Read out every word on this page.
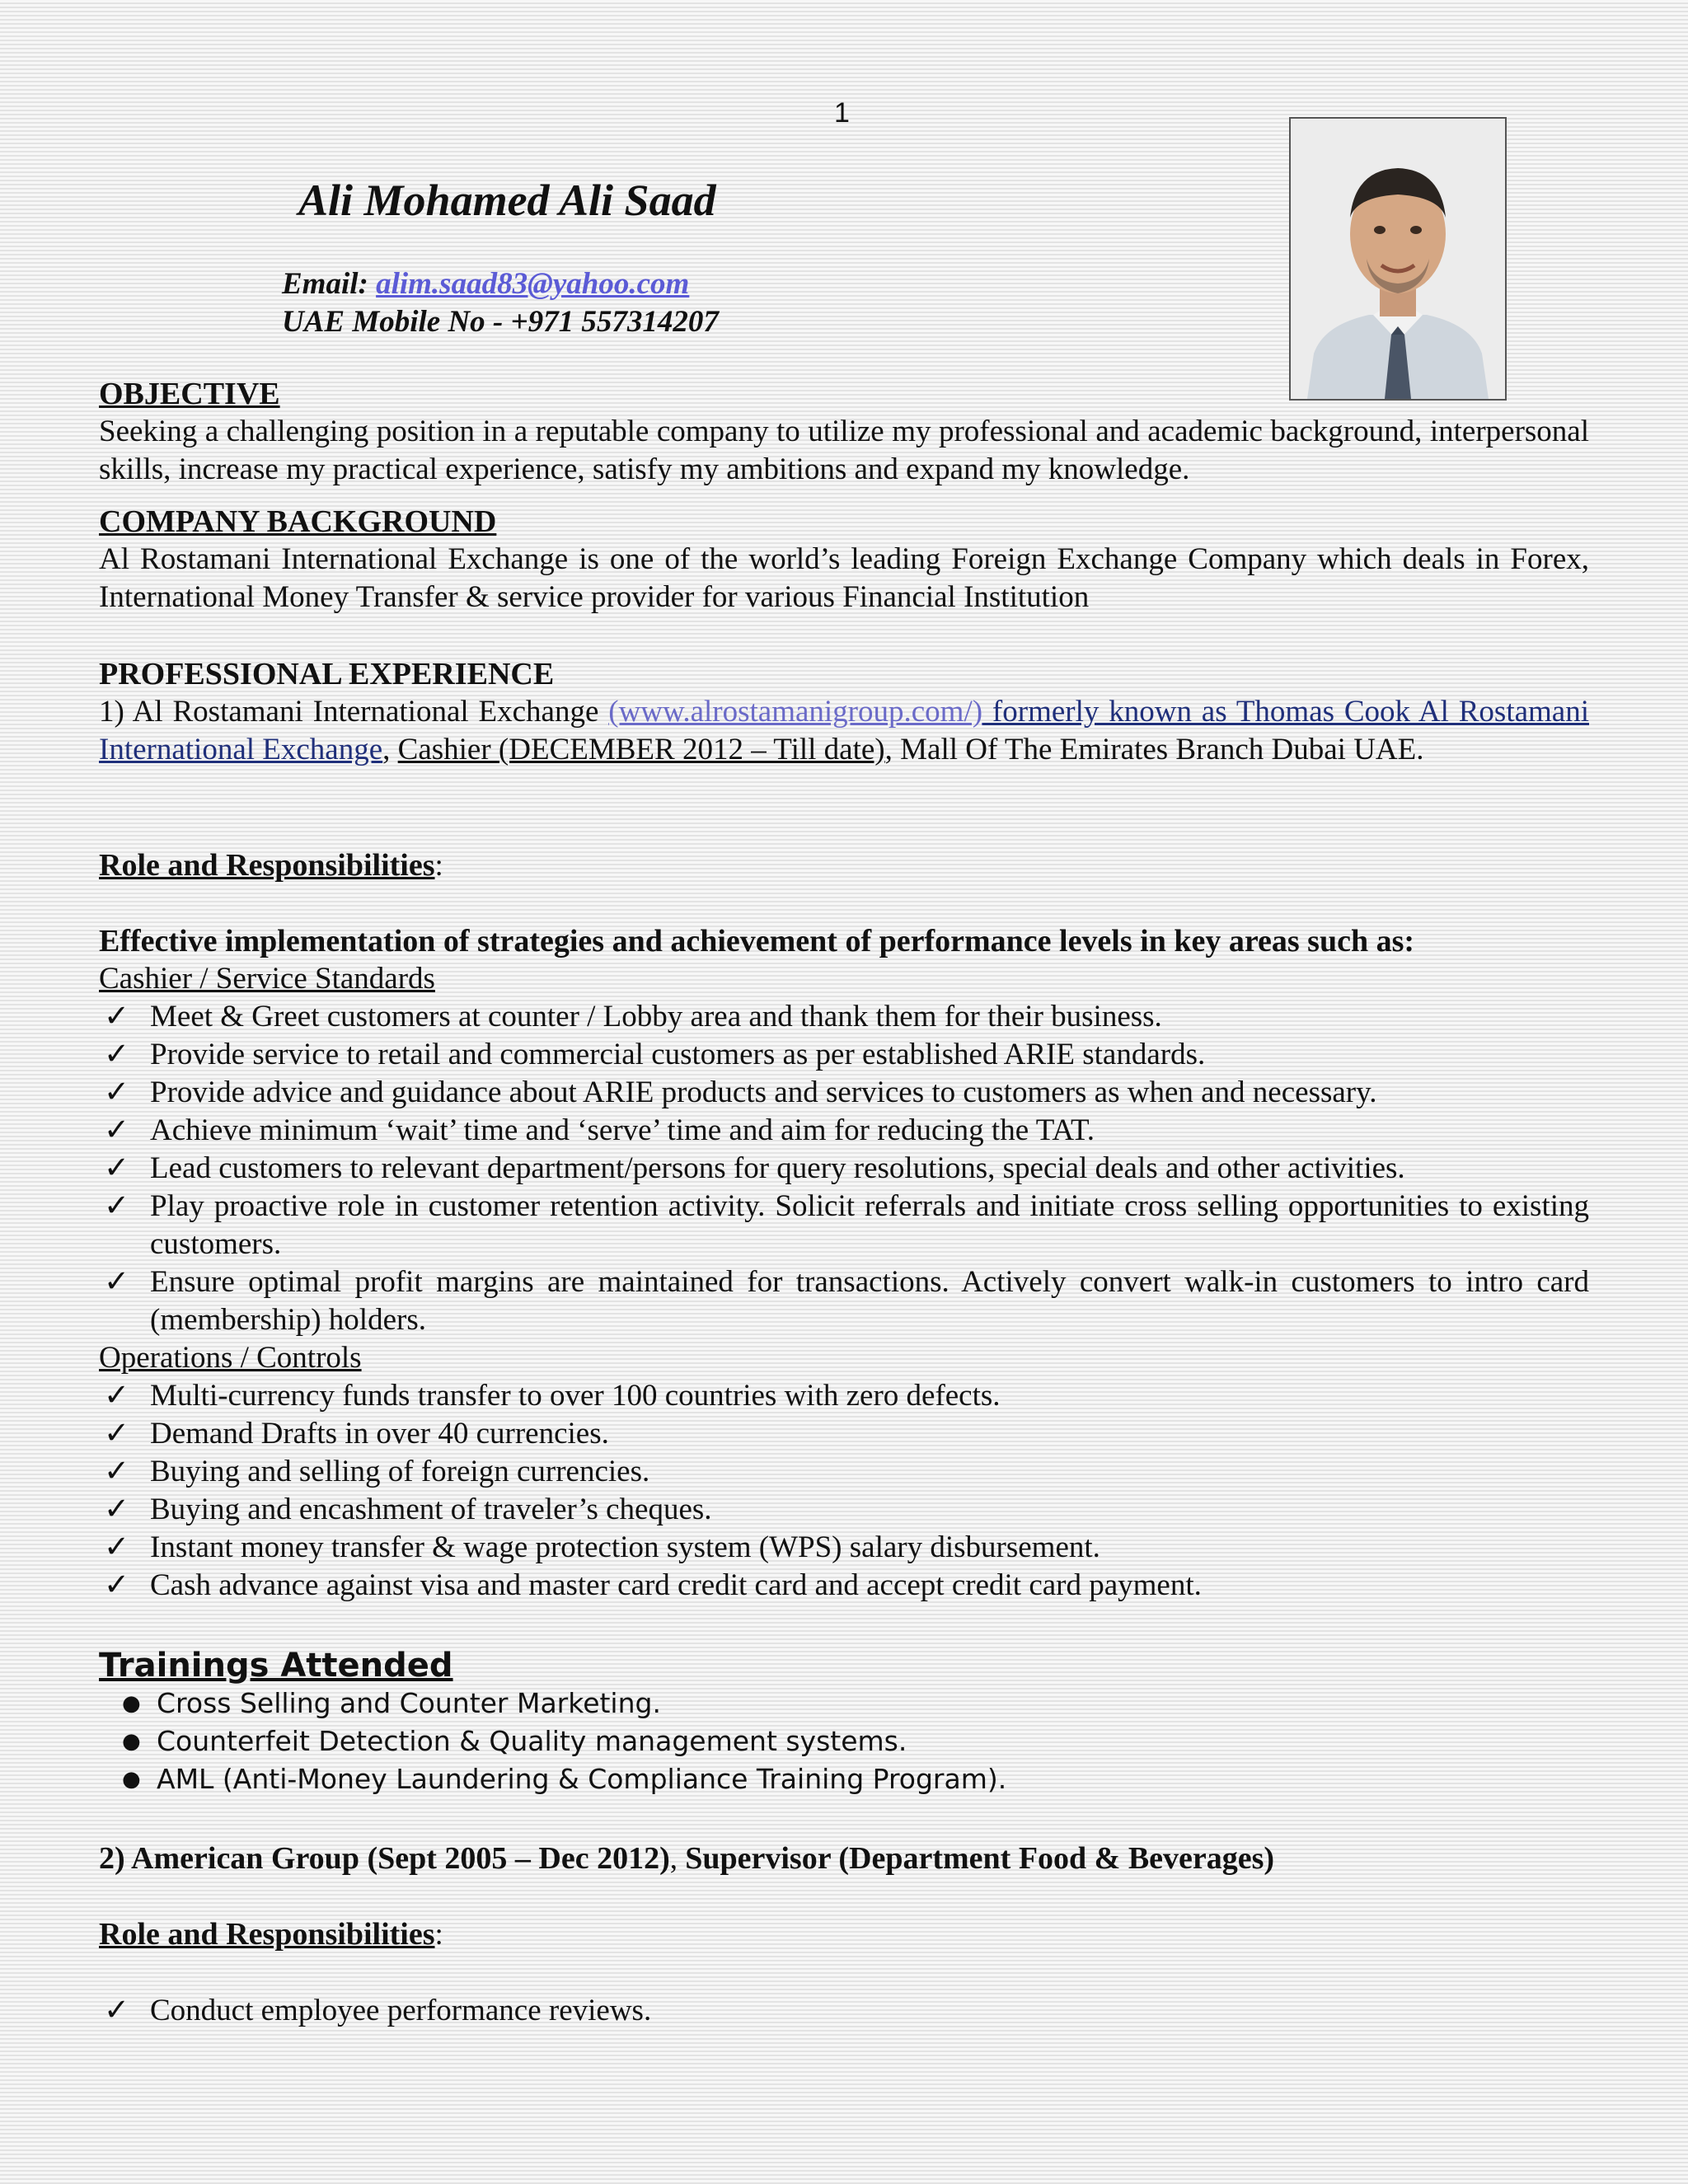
1
Ali Mohamed Ali Saad
Email: alim.saad83@yahoo.com
UAE Mobile No - +971 557314207
OBJECTIVE
Seeking a challenging position in a reputable company to utilize my professional and academic background, interpersonal skills, increase my practical experience, satisfy my ambitions and expand my knowledge.
COMPANY BACKGROUND
Al Rostamani International Exchange is one of the world’s leading Foreign Exchange Company which deals in Forex, International Money Transfer & service provider for various Financial Institution
PROFESSIONAL EXPERIENCE
1) Al Rostamani International Exchange (www.alrostamanigroup.com/) formerly known as Thomas Cook Al Rostamani International Exchange, Cashier (DECEMBER 2012 – Till date), Mall Of The Emirates Branch Dubai UAE.
Role and Responsibilities:
Effective implementation of strategies and achievement of performance levels in key areas such as:
Cashier / Service Standards
✓ Meet & Greet customers at counter / Lobby area and thank them for their business.
✓ Provide service to retail and commercial customers as per established ARIE standards.
✓ Provide advice and guidance about ARIE products and services to customers as when and necessary.
✓ Achieve minimum ‘wait’ time and ‘serve’ time and aim for reducing the TAT.
✓ Lead customers to relevant department/persons for query resolutions, special deals and other activities.
✓ Play proactive role in customer retention activity. Solicit referrals and initiate cross selling opportunities to existing customers.
✓ Ensure optimal profit margins are maintained for transactions. Actively convert walk-in customers to intro card (membership) holders.
Operations / Controls
✓ Multi-currency funds transfer to over 100 countries with zero defects.
✓ Demand Drafts in over 40 currencies.
✓ Buying and selling of foreign currencies.
✓ Buying and encashment of traveler’s cheques.
✓ Instant money transfer & wage protection system (WPS) salary disbursement.
✓ Cash advance against visa and master card credit card and accept credit card payment.
Trainings Attended
● Cross Selling and Counter Marketing.
● Counterfeit Detection & Quality management systems.
● AML (Anti-Money Laundering & Compliance Training Program).
2) American Group (Sept 2005 – Dec 2012), Supervisor (Department Food & Beverages)
Role and Responsibilities:
✓ Conduct employee performance reviews.
